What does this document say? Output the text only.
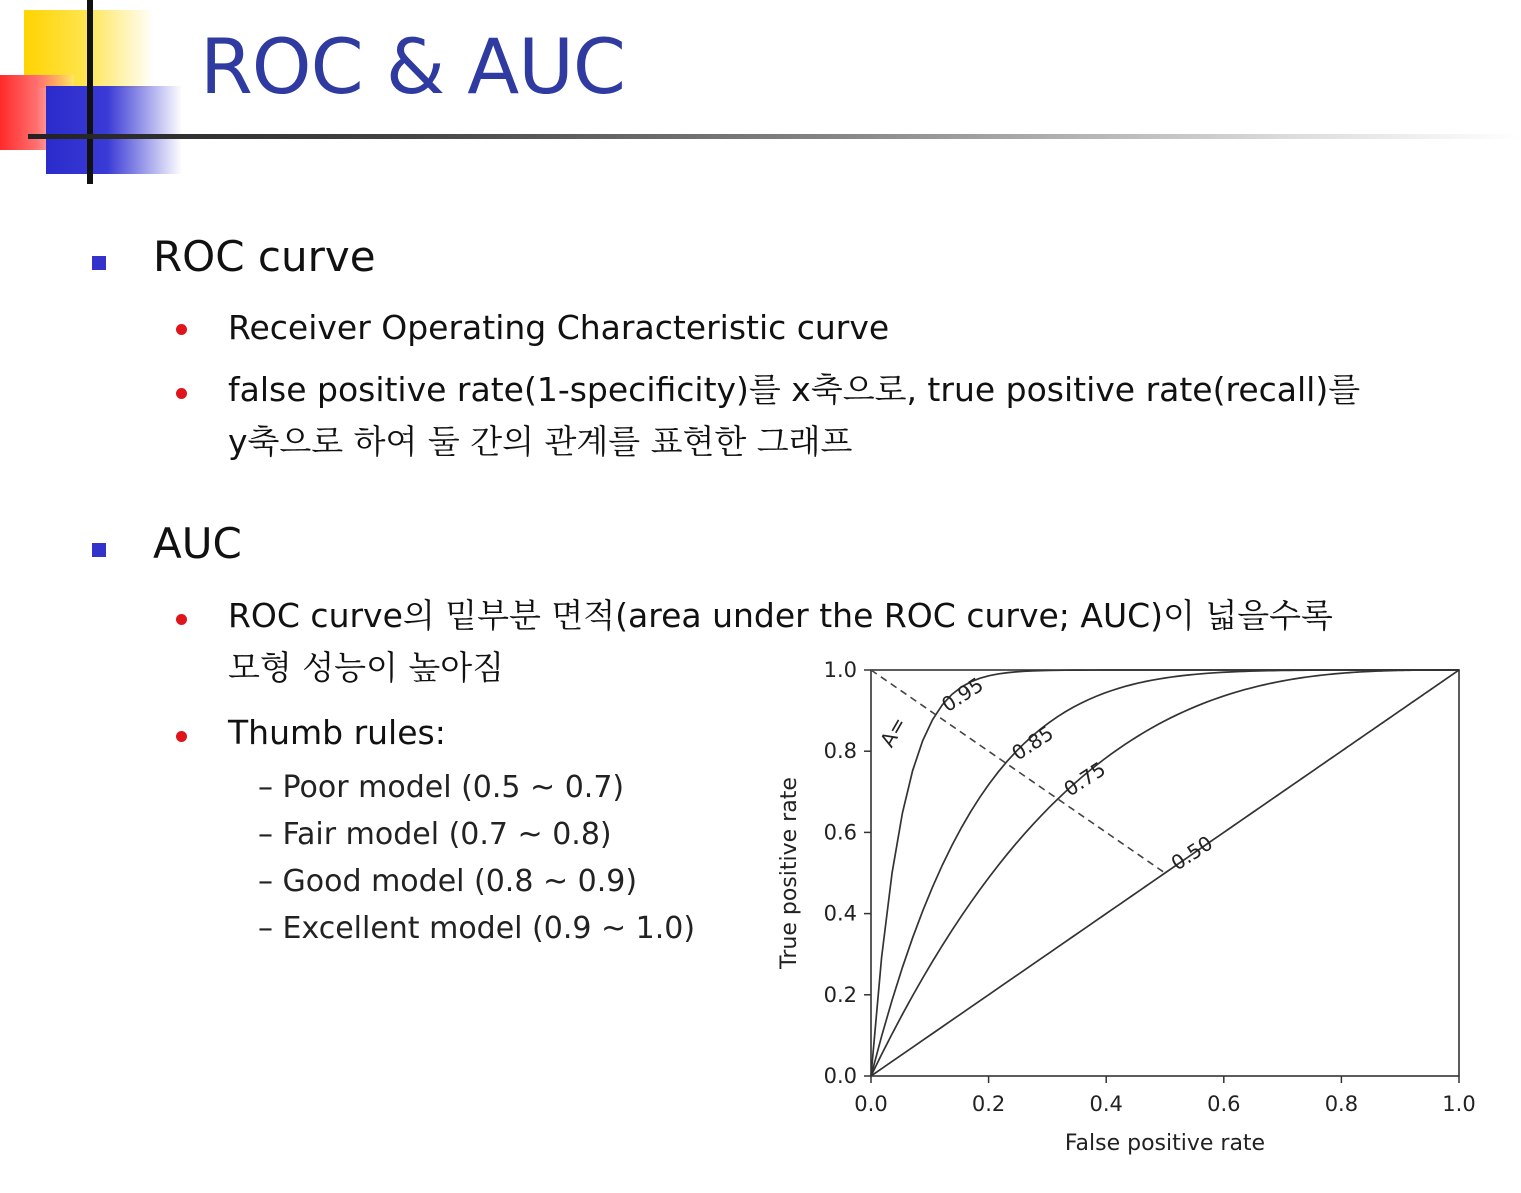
ROC & AUC
ROC curve
Receiver Operating Characteristic curve
false positive rate(1-specificity)를 x축으로, true positive rate(recall)를
y축으로 하여 둘 간의 관계를 표현한 그래프
AUC
ROC curve의 밑부분 면적(area under the ROC curve; AUC)이 넓을수록
모형 성능이 높아짐
Thumb rules:
– Poor model (0.5 ~ 0.7)
– Fair model (0.7 ~ 0.8)
– Good model (0.8 ~ 0.9)
– Excellent model (0.9 ~ 1.0)
0.0	0.2	0.4	0.6	0.8	1.0
0.0
0.2
0.4
0.6
0.8
1.0
False positive rate
True positive rate
0.95
A=	0.85
0.75
0.50
